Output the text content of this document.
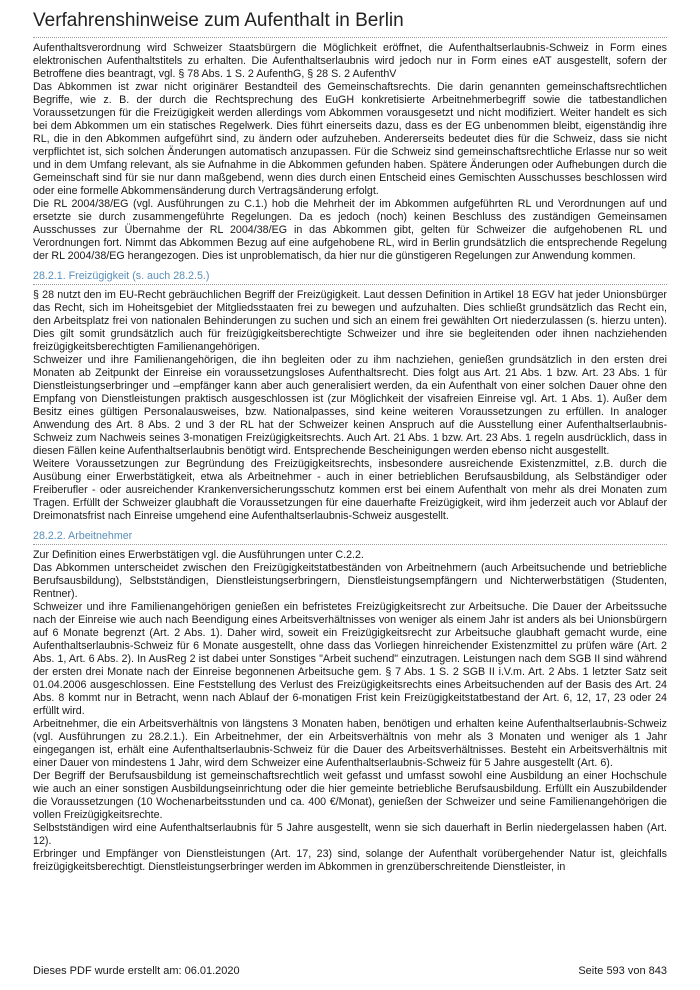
Verfahrenshinweise zum Aufenthalt in Berlin

Aufenthaltsverordnung wird Schweizer Staatsbürgern die Möglichkeit eröffnet, die Aufenthaltserlaubnis-Schweiz in Form eines elektronischen Aufenthaltstitels zu erhalten. Die Aufenthaltserlaubnis wird jedoch nur in Form eines eAT ausgestellt, sofern der Betroffene dies beantragt, vgl. § 78 Abs. 1 S. 2 AufenthG, § 28 S. 2 AufenthV

Das Abkommen ist zwar nicht originärer Bestandteil des Gemeinschaftsrechts. Die darin genannten gemeinschaftsrechtlichen Begriffe, wie z. B. der durch die Rechtsprechung des EuGH konkretisierte Arbeitnehmerbegriff sowie die tatbestandlichen Voraussetzungen für die Freizügigkeit werden allerdings vom Abkommen vorausgesetzt und nicht modifiziert. Weiter handelt es sich bei dem Abkommen um ein statisches Regelwerk. Dies führt einerseits dazu, dass es der EG unbenommen bleibt, eigenständig ihre RL, die in den Abkommen aufgeführt sind, zu ändern oder aufzuheben. Andererseits bedeutet dies für die Schweiz, dass sie nicht verpflichtet ist, sich solchen Änderungen automatisch anzupassen. Für die Schweiz sind gemeinschaftsrechtliche Erlasse nur so weit und in dem Umfang relevant, als sie Aufnahme in die Abkommen gefunden haben. Spätere Änderungen oder Aufhebungen durch die Gemeinschaft sind für sie nur dann maßgebend, wenn dies durch einen Entscheid eines Gemischten Ausschusses beschlossen wird oder eine formelle Abkommensänderung durch Vertragsänderung erfolgt.

Die RL 2004/38/EG (vgl. Ausführungen zu C.1.) hob die Mehrheit der im Abkommen aufgeführten RL und Verordnungen auf und ersetzte sie durch zusammengeführte Regelungen. Da es jedoch (noch) keinen Beschluss des zuständigen Gemeinsamen Ausschusses zur Übernahme der RL 2004/38/EG in das Abkommen gibt, gelten für Schweizer die aufgehobenen RL und Verordnungen fort. Nimmt das Abkommen Bezug auf eine aufgehobene RL, wird in Berlin grundsätzlich die entsprechende Regelung der RL 2004/38/EG herangezogen. Dies ist unproblematisch, da hier nur die günstigeren Regelungen zur Anwendung kommen.

28.2.1. Freizügigkeit (s. auch 28.2.5.)

§ 28 nutzt den im EU-Recht gebräuchlichen Begriff der Freizügigkeit. Laut dessen Definition in Artikel 18 EGV hat jeder Unionsbürger das Recht, sich im Hoheitsgebiet der Mitgliedsstaaten frei zu bewegen und aufzuhalten. Dies schließt grundsätzlich das Recht ein, den Arbeitsplatz frei von nationalen Behinderungen zu suchen und sich an einem frei gewählten Ort niederzulassen (s. hierzu unten). Dies gilt somit grundsätzlich auch für freizügigkeitsberechtigte Schweizer und ihre sie begleitenden oder ihnen nachziehenden freizügigkeitsberechtigten Familienangehörigen.

Schweizer und ihre Familienangehörigen, die ihn begleiten oder zu ihm nachziehen, genießen grundsätzlich in den ersten drei Monaten ab Zeitpunkt der Einreise ein voraussetzungsloses Aufenthaltsrecht. Dies folgt aus Art. 21 Abs. 1 bzw. Art. 23 Abs. 1 für Dienstleistungserbringer und –empfänger kann aber auch generalisiert werden, da ein Aufenthalt von einer solchen Dauer ohne den Empfang von Dienstleistungen praktisch ausgeschlossen ist (zur Möglichkeit der visafreien Einreise vgl. Art. 1 Abs. 1). Außer dem Besitz eines gültigen Personalausweises, bzw. Nationalpasses, sind keine weiteren Voraussetzungen zu erfüllen. In analoger Anwendung des Art. 8 Abs. 2 und 3 der RL hat der Schweizer keinen Anspruch auf die Ausstellung einer Aufenthaltserlaubnis-Schweiz zum Nachweis seines 3-monatigen Freizügigkeitsrechts. Auch Art. 21 Abs. 1 bzw. Art. 23 Abs. 1 regeln ausdrücklich, dass in diesen Fällen keine Aufenthaltserlaubnis benötigt wird. Entsprechende Bescheinigungen werden ebenso nicht ausgestellt.

Weitere Voraussetzungen zur Begründung des Freizügigkeitsrechts, insbesondere ausreichende Existenzmittel, z.B. durch die Ausübung einer Erwerbstätigkeit, etwa als Arbeitnehmer - auch in einer betrieblichen Berufsausbildung, als Selbständiger oder Freiberufler - oder ausreichender Krankenversicherungsschutz kommen erst bei einem Aufenthalt von mehr als drei Monaten zum Tragen. Erfüllt der Schweizer glaubhaft die Voraussetzungen für eine dauerhafte Freizügigkeit, wird ihm jederzeit auch vor Ablauf der Dreimonatsfrist nach Einreise umgehend eine Aufenthaltserlaubnis-Schweiz ausgestellt.

28.2.2. Arbeitnehmer

Zur Definition eines Erwerbstätigen vgl. die Ausführungen unter C.2.2.

Das Abkommen unterscheidet zwischen den Freizügigkeitstatbeständen von Arbeitnehmern (auch Arbeitsuchende und betriebliche Berufsausbildung), Selbstständigen, Dienstleistungserbringern, Dienstleistungsempfängern und Nichterwerbstätigen (Studenten, Rentner).

Schweizer und ihre Familienangehörigen genießen ein befristetes Freizügigkeitsrecht zur Arbeitsuche. Die Dauer der Arbeitssuche nach der Einreise wie auch nach Beendigung eines Arbeitsverhältnisses von weniger als einem Jahr ist anders als bei Unionsbürgern auf 6 Monate begrenzt (Art. 2 Abs. 1). Daher wird, soweit ein Freizügigkeitsrecht zur Arbeitsuche glaubhaft gemacht wurde, eine Aufenthaltserlaubnis-Schweiz für 6 Monate ausgestellt, ohne dass das Vorliegen hinreichender Existenzmittel zu prüfen wäre (Art. 2 Abs. 1, Art. 6 Abs. 2). In AusReg 2 ist dabei unter Sonstiges "Arbeit suchend" einzutragen. Leistungen nach dem SGB II sind während der ersten drei Monate nach der Einreise begonnenen Arbeitsuche gem. § 7 Abs. 1 S. 2 SGB II i.V.m. Art. 2 Abs. 1 letzter Satz seit 01.04.2006 ausgeschlossen. Eine Feststellung des Verlust des Freizügigkeitsrechts eines Arbeitsuchenden auf der Basis des Art. 24 Abs. 8 kommt nur in Betracht, wenn nach Ablauf der 6-monatigen Frist kein Freizügigkeitstatbestand der Art. 6, 12, 17, 23 oder 24 erfüllt wird.

Arbeitnehmer, die ein Arbeitsverhältnis von längstens 3 Monaten haben, benötigen und erhalten keine Aufenthaltserlaubnis-Schweiz (vgl. Ausführungen zu 28.2.1.). Ein Arbeitnehmer, der ein Arbeitsverhältnis von mehr als 3 Monaten und weniger als 1 Jahr eingegangen ist, erhält eine Aufenthaltserlaubnis-Schweiz für die Dauer des Arbeitsverhältnisses. Besteht ein Arbeitsverhältnis mit einer Dauer von mindestens 1 Jahr, wird dem Schweizer eine Aufenthaltserlaubnis-Schweiz für 5 Jahre ausgestellt (Art. 6).

Der Begriff der Berufsausbildung ist gemeinschaftsrechtlich weit gefasst und umfasst sowohl eine Ausbildung an einer Hochschule wie auch an einer sonstigen Ausbildungseinrichtung oder die hier gemeinte betriebliche Berufsausbildung. Erfüllt ein Auszubildender die Voraussetzungen (10 Wochenarbeitsstunden und ca. 400 €/Monat), genießen der Schweizer und seine Familienangehörigen die vollen Freizügigkeitsrechte.

Selbstständigen wird eine Aufenthaltserlaubnis für 5 Jahre ausgestellt, wenn sie sich dauerhaft in Berlin niedergelassen haben (Art. 12).

Erbringer und Empfänger von Dienstleistungen (Art. 17, 23) sind, solange der Aufenthalt vorübergehender Natur ist, gleichfalls freizügigkeitsberechtigt. Dienstleistungserbringer werden im Abkommen in grenzüberschreitende Dienstleister, in

Dieses PDF wurde erstellt am: 06.01.2020	Seite 593 von 843
